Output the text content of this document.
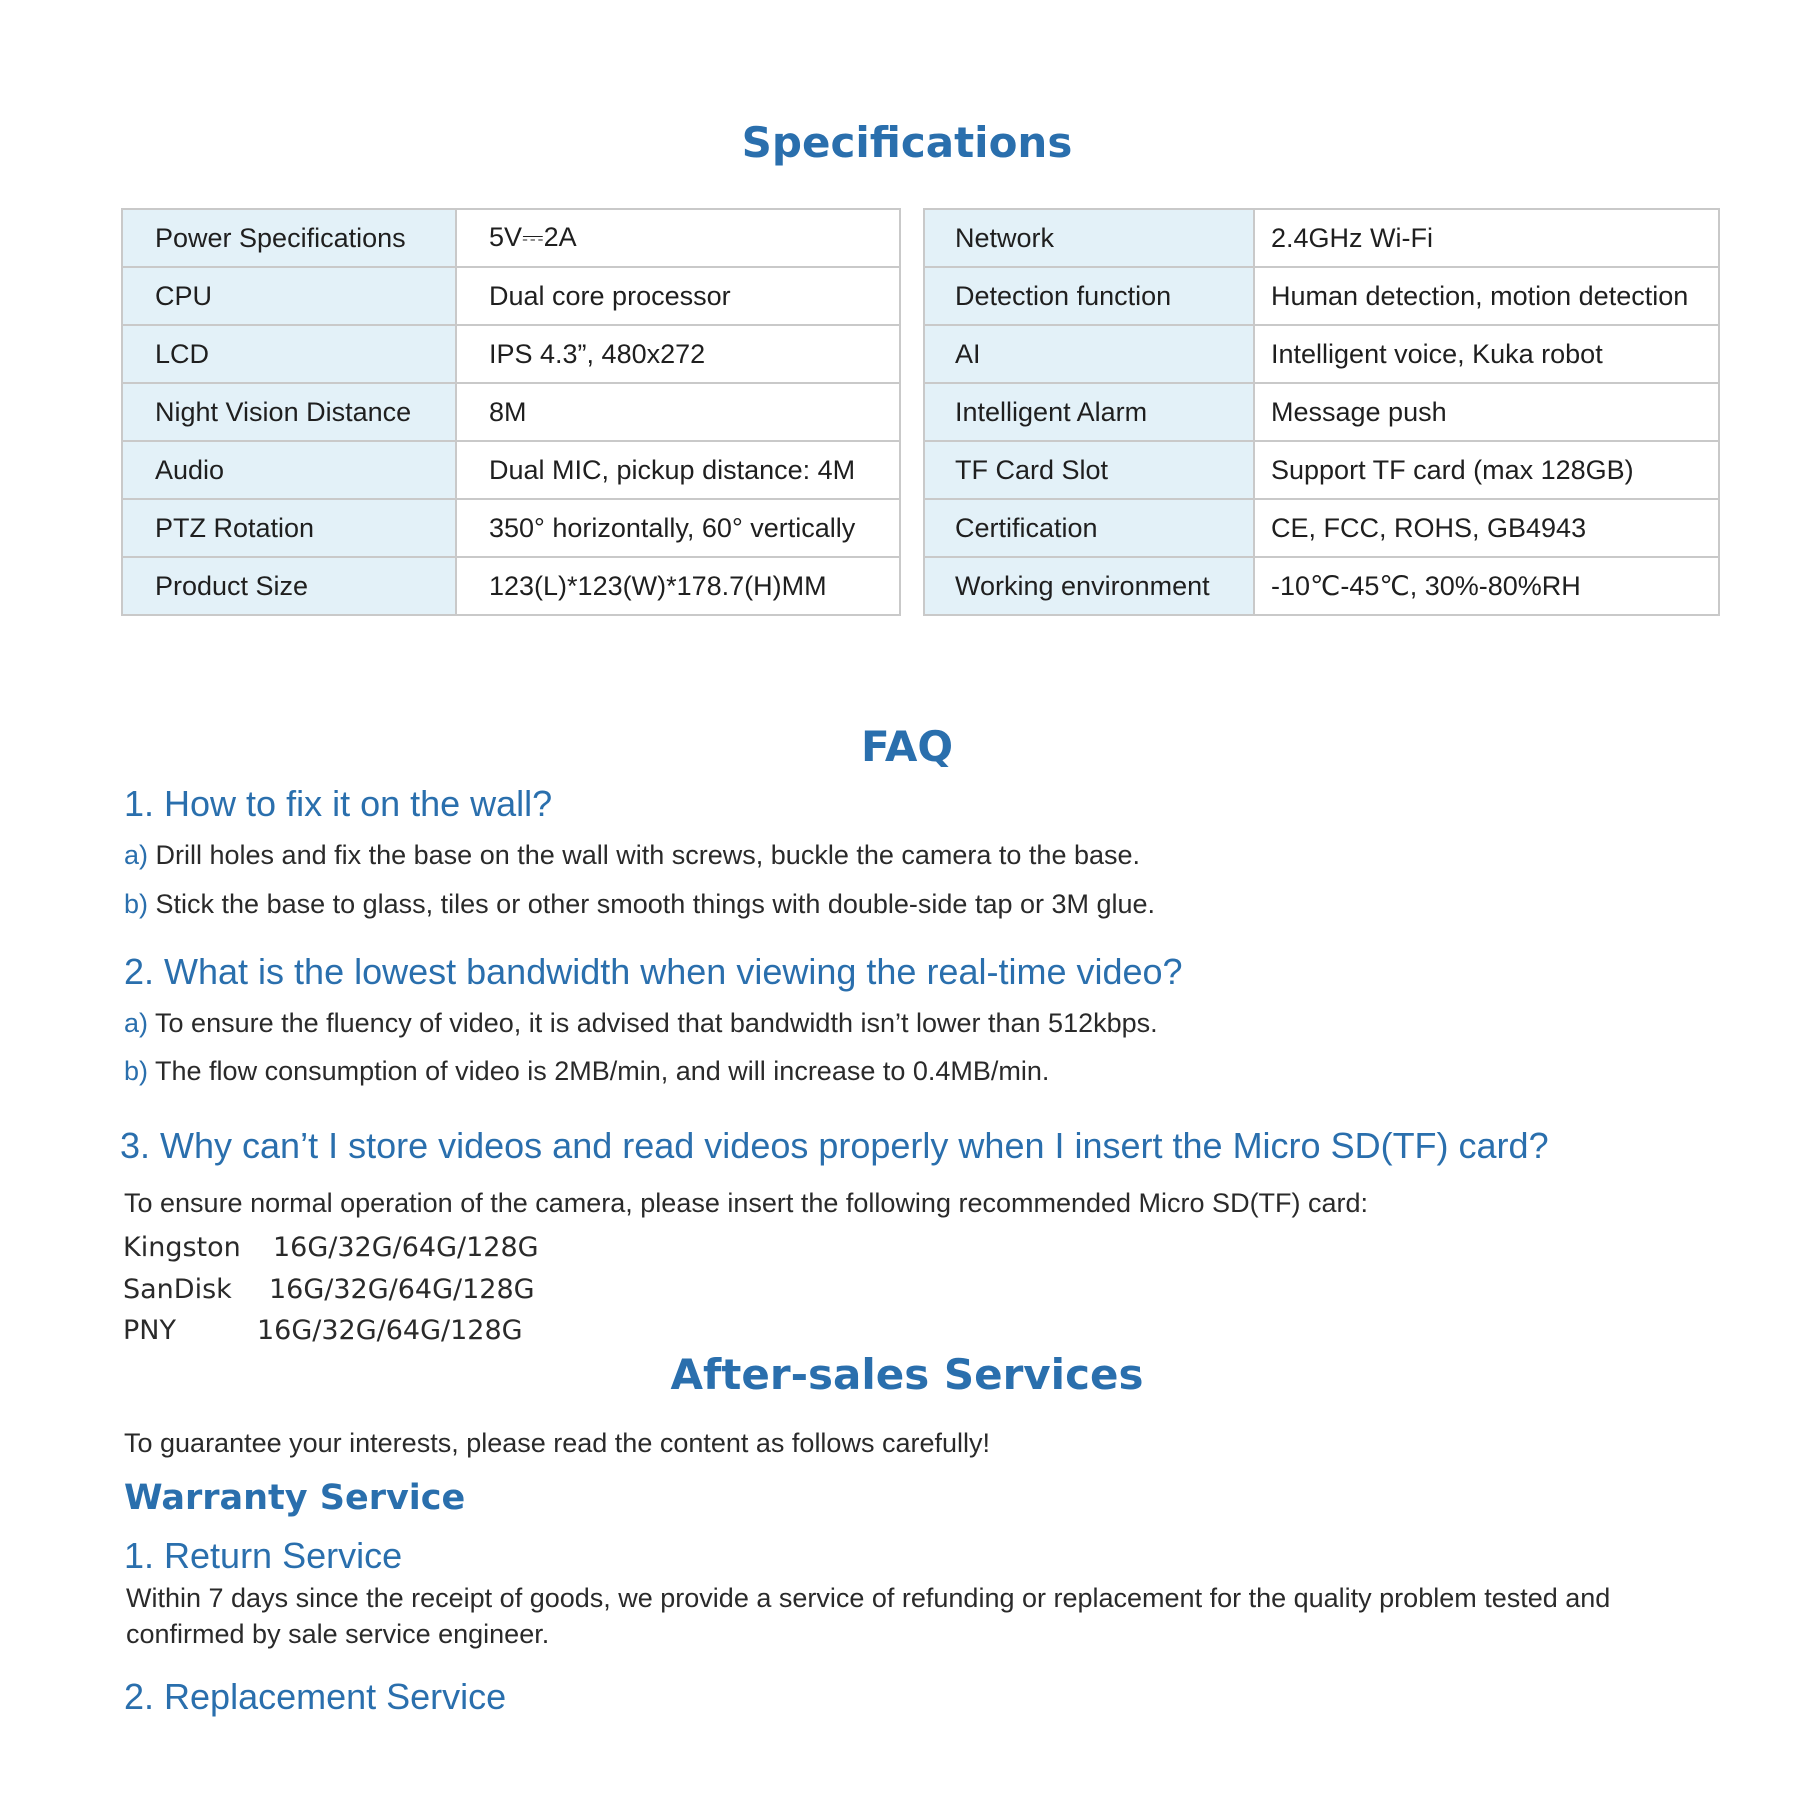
Specifications
Power Specifications	5V⎓2A
CPU	Dual core processor
LCD	IPS 4.3”, 480x272
Night Vision Distance	8M
Audio	Dual MIC, pickup distance: 4M
PTZ Rotation	350° horizontally, 60° vertically
Product Size	123(L)*123(W)*178.7(H)MM
Network	2.4GHz Wi-Fi
Detection function	Human detection, motion detection
AI	Intelligent voice, Kuka robot
Intelligent Alarm	Message push
TF Card Slot	Support TF card (max 128GB)
Certification	CE, FCC, ROHS, GB4943
Working environment	-10℃-45℃, 30%-80%RH
FAQ
1. How to fix it on the wall?
a) Drill holes and fix the base on the wall with screws, buckle the camera to the base.
b) Stick the base to glass, tiles or other smooth things with double-side tap or 3M glue.
2. What is the lowest bandwidth when viewing the real-time video?
a) To ensure the fluency of video, it is advised that bandwidth isn’t lower than 512kbps.
b) The flow consumption of video is 2MB/min, and will increase to 0.4MB/min.
3. Why can’t I store videos and read videos properly when I insert the Micro SD(TF) card?
To ensure normal operation of the camera, please insert the following recommended Micro SD(TF) card:
Kingston 16G/32G/64G/128G
SanDisk 16G/32G/64G/128G
PNY	16G/32G/64G/128G
After-sales Services
To guarantee your interests, please read the content as follows carefully!
Warranty Service
1. Return Service
Within 7 days since the receipt of goods, we provide a service of refunding or replacement for the quality problem tested and confirmed by sale service engineer.
2. Replacement Service
